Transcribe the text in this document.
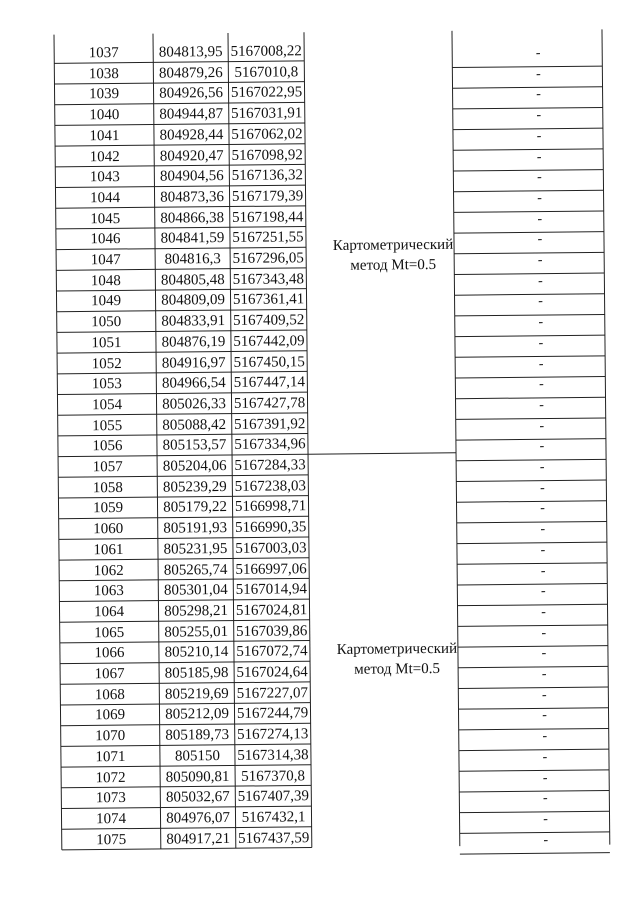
1037	804813,95 5167008,22	-
1038	804879,26 5167010,8	-
1039	804926,56 5167022,95	-
1040	804944,87 5167031,91	-
1041	804928,44 5167062,02	-
1042	804920,47 5167098,92	-
1043	804904,56 5167136,32	-
1044	804873,36 5167179,39	-
1045	804866,38 5167198,44	-
1046	804841,59 5167251,55	-
1047	804816,3 5167296,05	-
1048	804805,48 5167343,48	-
1049	804809,09 5167361,41	-
1050	804833,91 5167409,52	-
1051	804876,19 5167442,09	-
1052	804916,97 5167450,15	-
1053	804966,54 5167447,14	-
1054	805026,33 5167427,78	-
1055	805088,42 5167391,92	-
1056	805153,57 5167334,96	-
1057	805204,06 5167284,33	-
1058	805239,29 5167238,03	-
1059	805179,22 5166998,71	-
1060	805191,93 5166990,35	-
1061	805231,95 5167003,03	-
1062	805265,74 5166997,06	-
1063	805301,04 5167014,94	-
1064	805298,21 5167024,81	-
1065	805255,01 5167039,86	-
1066	805210,14 5167072,74	-
1067	805185,98 5167024,64	-
1068	805219,69 5167227,07	-
1069	805212,09 5167244,79	-
1070	805189,73 5167274,13	-
1071	805150	5167314,38	-
1072	805090,81 5167370,8	-
1073	805032,67 5167407,39	-
1074	804976,07 5167432,1	-
1075	804917,21 5167437,59	-
Картометрический
метод Mt=0.5
Картометрический
метод Mt=0.5
